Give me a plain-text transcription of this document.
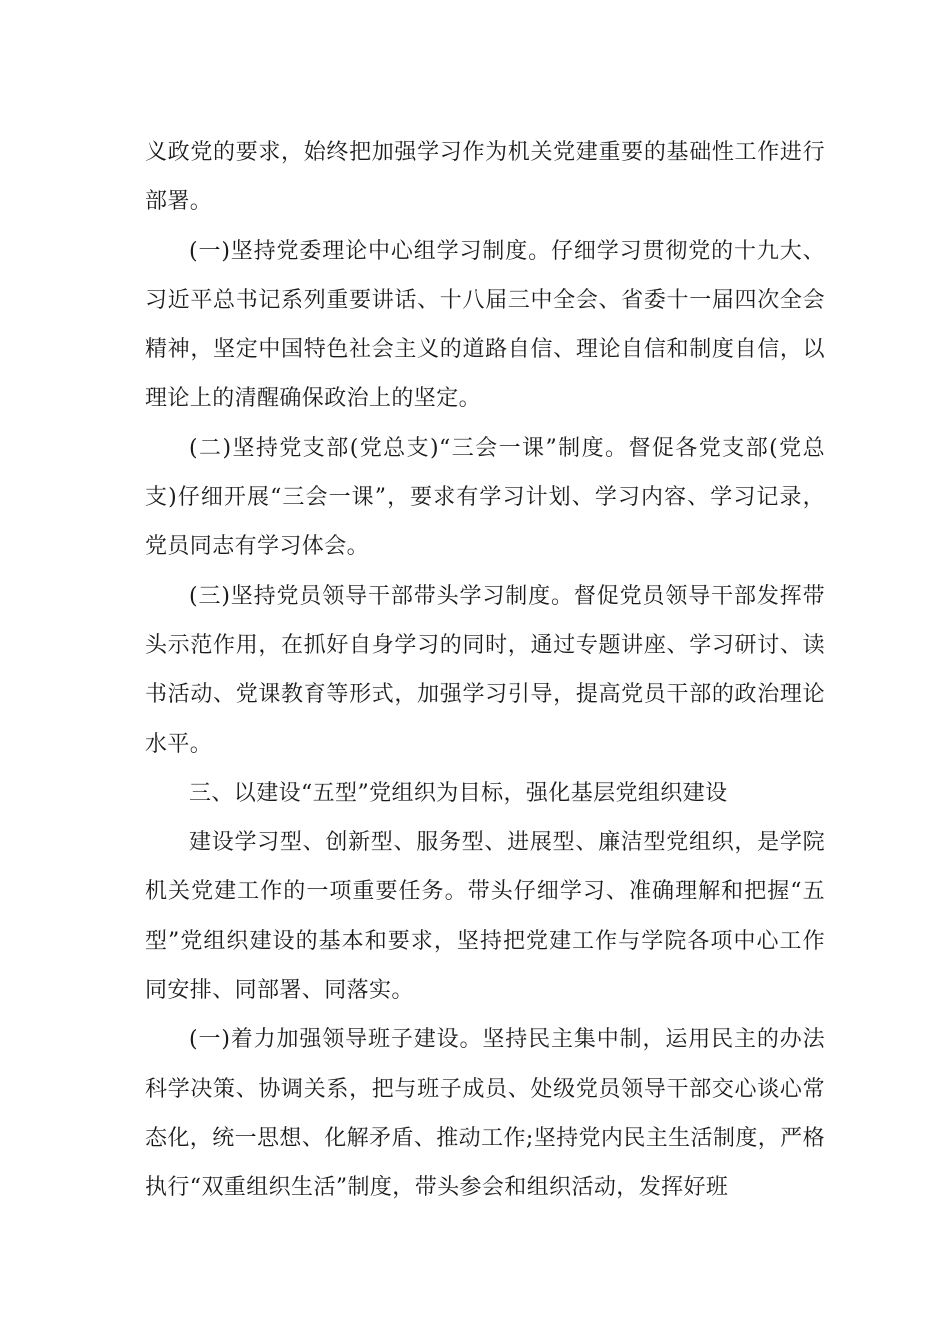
义政党的要求，始终把加强学习作为机关党建重要的基础性工作进行部署。

(一)坚持党委理论中心组学习制度。仔细学习贯彻党的十九大、习近平总书记系列重要讲话、十八届三中全会、省委十一届四次全会精神，坚定中国特色社会主义的道路自信、理论自信和制度自信，以理论上的清醒确保政治上的坚定。

(二)坚持党支部(党总支)“三会一课”制度。督促各党支部(党总支)仔细开展“三会一课”，要求有学习计划、学习内容、学习记录，党员同志有学习体会。

(三)坚持党员领导干部带头学习制度。督促党员领导干部发挥带头示范作用，在抓好自身学习的同时，通过专题讲座、学习研讨、读书活动、党课教育等形式，加强学习引导，提高党员干部的政治理论水平。

三、以建设“五型”党组织为目标，强化基层党组织建设

建设学习型、创新型、服务型、进展型、廉洁型党组织，是学院机关党建工作的一项重要任务。带头仔细学习、准确理解和把握“五型”党组织建设的基本和要求，坚持把党建工作与学院各项中心工作同安排、同部署、同落实。

(一)着力加强领导班子建设。坚持民主集中制，运用民主的办法科学决策、协调关系，把与班子成员、处级党员领导干部交心谈心常态化，统一思想、化解矛盾、推动工作;坚持党内民主生活制度，严格执行“双重组织生活”制度，带头参会和组织活动，发挥好班
